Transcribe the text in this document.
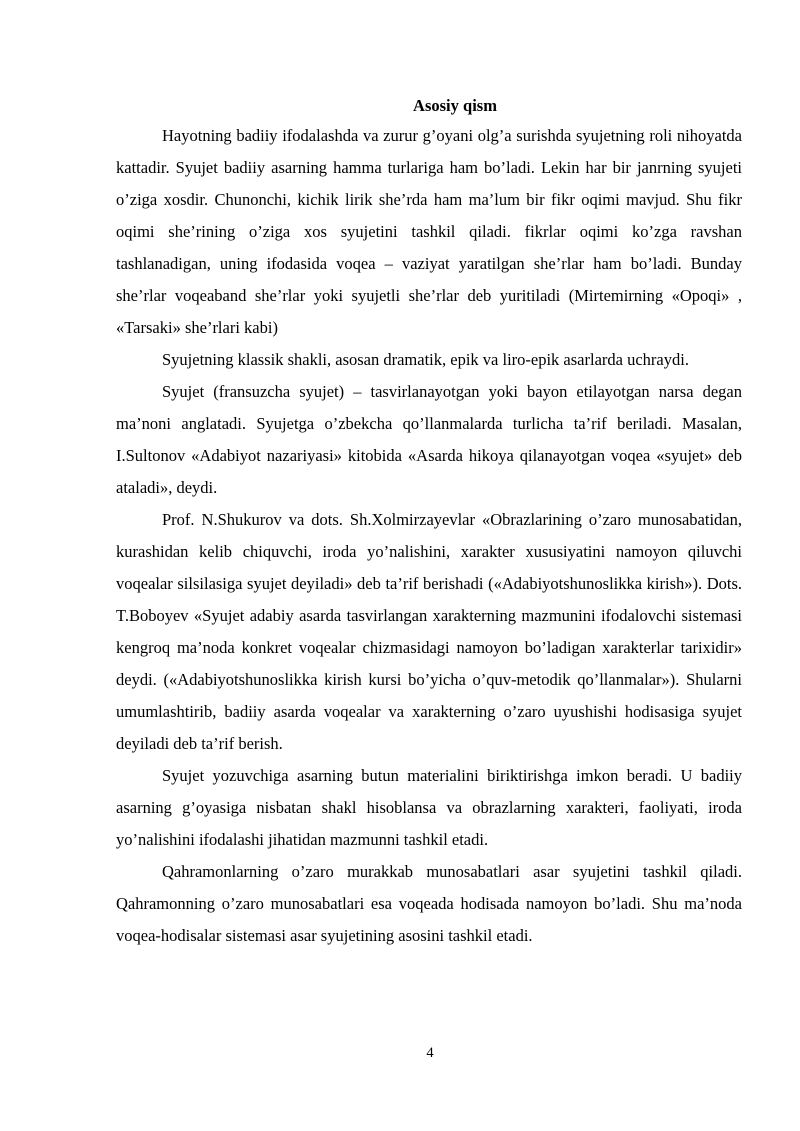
Asosiy qism

Hayotning badiiy ifodalashda va zurur g’oyani olg’a surishda syujetning roli nihoyatda kattadir. Syujet badiiy asarning hamma turlariga ham bo’ladi. Lekin har bir janrning syujeti o’ziga xosdir. Chunonchi, kichik lirik she’rda ham ma’lum bir fikr oqimi mavjud. Shu fikr oqimi she’rining o’ziga xos syujetini tashkil qiladi. fikrlar oqimi ko’zga ravshan tashlanadigan, uning ifodasida voqea – vaziyat yaratilgan she’rlar ham bo’ladi. Bunday she’rlar voqeaband she’rlar yoki syujetli she’rlar deb yuritiladi (Mirtemirning «Opoqi» , «Tarsaki» she’rlari kabi)

Syujetning klassik shakli, asosan dramatik, epik va liro-epik asarlarda uchraydi.

Syujet (fransuzcha syujet) – tasvirlanayotgan yoki bayon etilayotgan narsa degan ma’noni anglatadi. Syujetga o’zbekcha qo’llanmalarda turlicha ta’rif beriladi. Masalan, I.Sultonov «Adabiyot nazariyasi» kitobida «Asarda hikoya qilanayotgan voqea «syujet» deb ataladi», deydi.

Prof. N.Shukurov va dots. Sh.Xolmirzayevlar «Obrazlarining o’zaro munosabatidan, kurashidan kelib chiquvchi, iroda yo’nalishini, xarakter xususiyatini namoyon qiluvchi voqealar silsilasiga syujet deyiladi» deb ta’rif berishadi («Adabiyotshunoslikka kirish»). Dots. T.Boboyev «Syujet adabiy asarda tasvirlangan xarakterning mazmunini ifodalovchi sistemasi kengroq ma’noda konkret voqealar chizmasidagi namoyon bo’ladigan xarakterlar tarixidir» deydi. («Adabiyotshunoslikka kirish kursi bo’yicha o’quv-metodik qo’llanmalar»). Shularni umumlashtirib, badiiy asarda voqealar va xarakterning o’zaro uyushishi hodisasiga syujet deyiladi deb ta’rif berish.

Syujet yozuvchiga asarning butun materialini biriktirishga imkon beradi. U badiiy asarning g’oyasiga nisbatan shakl hisoblansa va obrazlarning xarakteri, faoliyati, iroda yo’nalishini ifodalashi jihatidan mazmunni tashkil etadi.

Qahramonlarning o’zaro murakkab munosabatlari asar syujetini tashkil qiladi. Qahramonning o’zaro munosabatlari esa voqeada hodisada namoyon bo’ladi. Shu ma’noda voqea-hodisalar sistemasi asar syujetining asosini tashkil etadi.

4
